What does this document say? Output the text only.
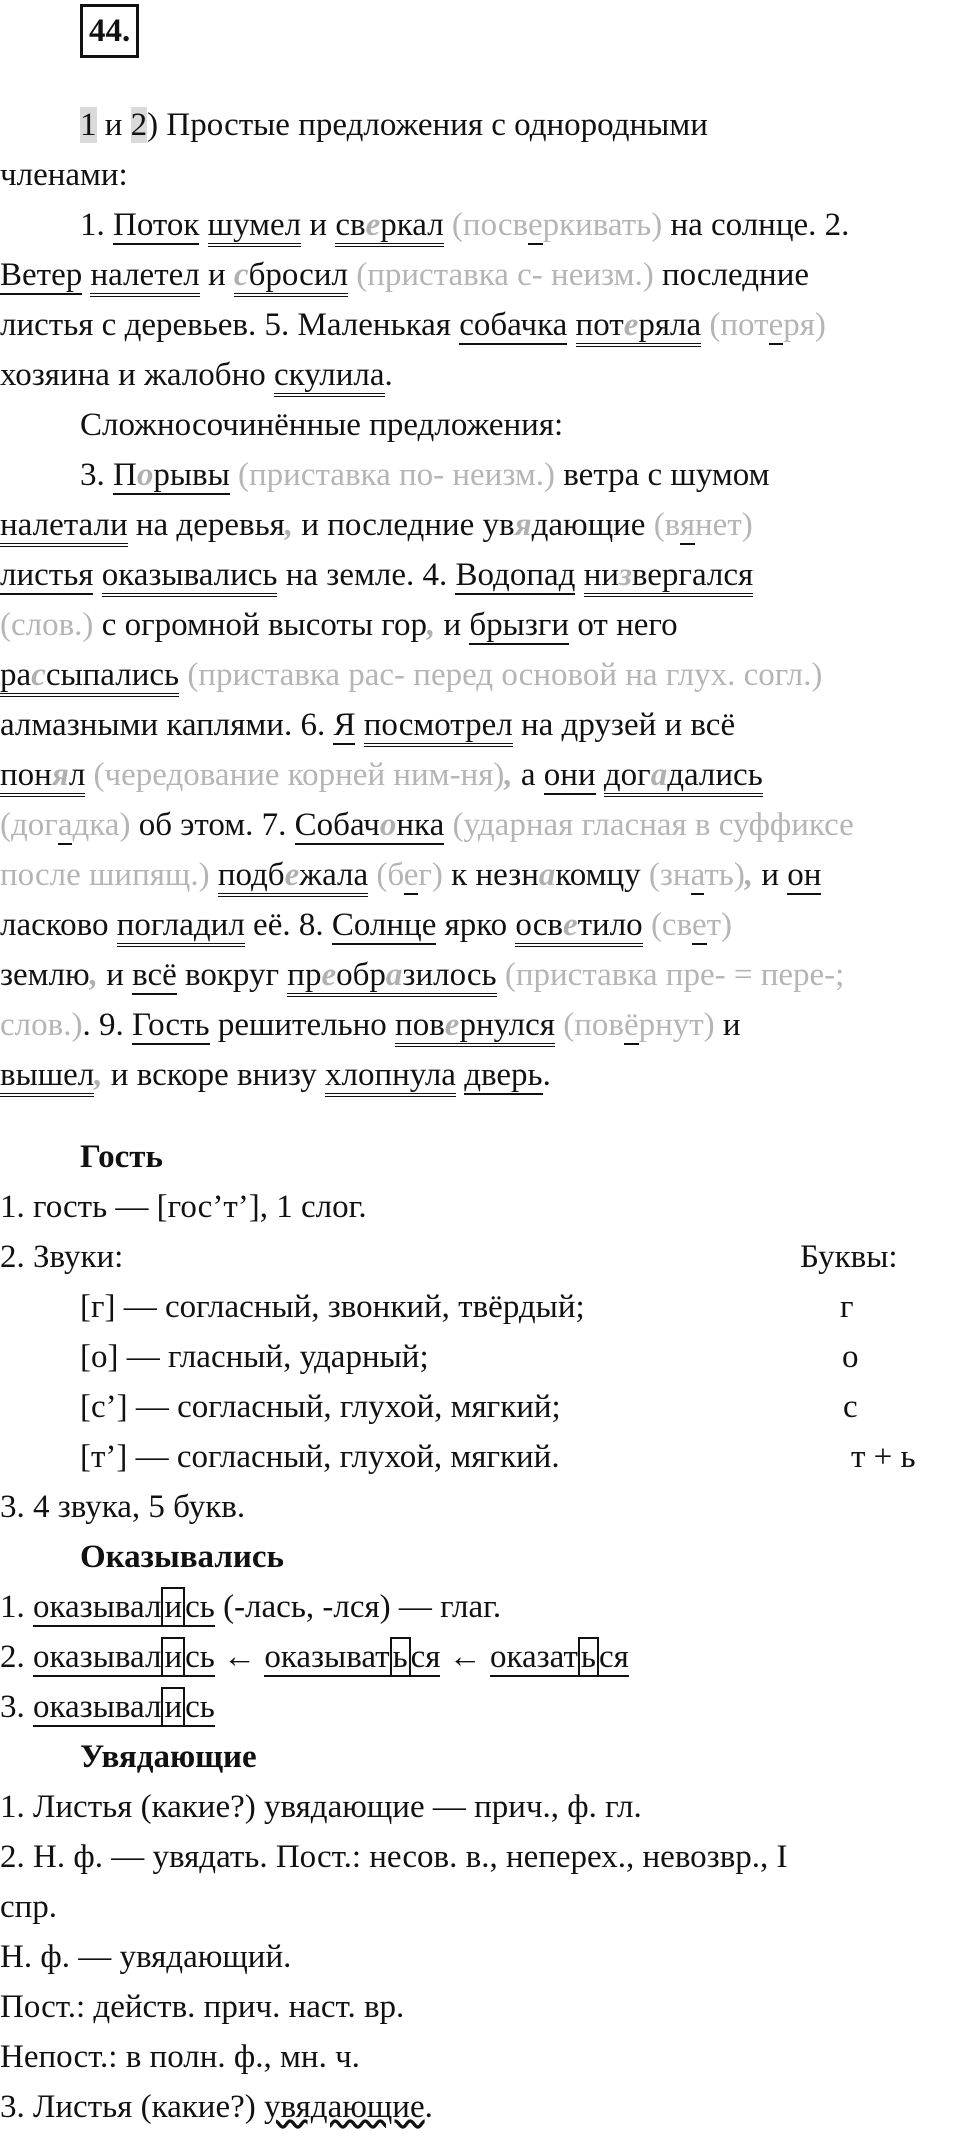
44.
1 и 2) Простые предложения с однородными
членами:
1. Поток шумел и сверкал (посверкивать) на солнце. 2.
Ветер налетел и сбросил (приставка с- неизм.) последние
листья с деревьев. 5. Маленькая собачка потеряла (потеря)
хозяина и жалобно скулила.
Сложносочинённые предложения:
3. Порывы (приставка по- неизм.) ветра с шумом
налетали на деревья, и последние увядающие (вянет)
листья оказывались на земле. 4. Водопад низвергался
(слов.) с огромной высоты гор, и брызги от него
рассыпались (приставка рас- перед основой на глух. согл.)
алмазными каплями. 6. Я посмотрел на друзей и всё
понял (чередование корней ним-ня), а они догадались
(догадка) об этом. 7. Собачонка (ударная гласная в суффиксе
после шипящ.) подбежала (бег) к незнакомцу (знать), и он
ласково погладил её. 8. Солнце ярко осветило (свет)
землю, и всё вокруг преобразилось (приставка пре- = пере-;
слов.). 9. Гость решительно повернулся (повёрнут) и
вышел, и вскоре внизу хлопнула дверь.
Гость
1. гость — [гос’т’], 1 слог.
2. Звуки:	Буквы:
[г] — согласный, звонкий, твёрдый;	г
[о] — гласный, ударный;	о
[с’] — согласный, глухой, мягкий;	с
[т’] — согласный, глухой, мягкий.	т + ь
3. 4 звука, 5 букв.
Оказывались
1. оказывались (-лась, -лся) — глаг.
2. оказывались ← оказываться ← оказаться
3. оказывались
Увядающие
1. Листья (какие?) увядающие — прич., ф. гл.
2. Н. ф. — увядать. Пост.: несов. в., неперех., невозвр., I
спр.
Н. ф. — увядающий.
Пост.: действ. прич. наст. вр.
Непост.: в полн. ф., мн. ч.
3. Листья (какие?) увядающие.
